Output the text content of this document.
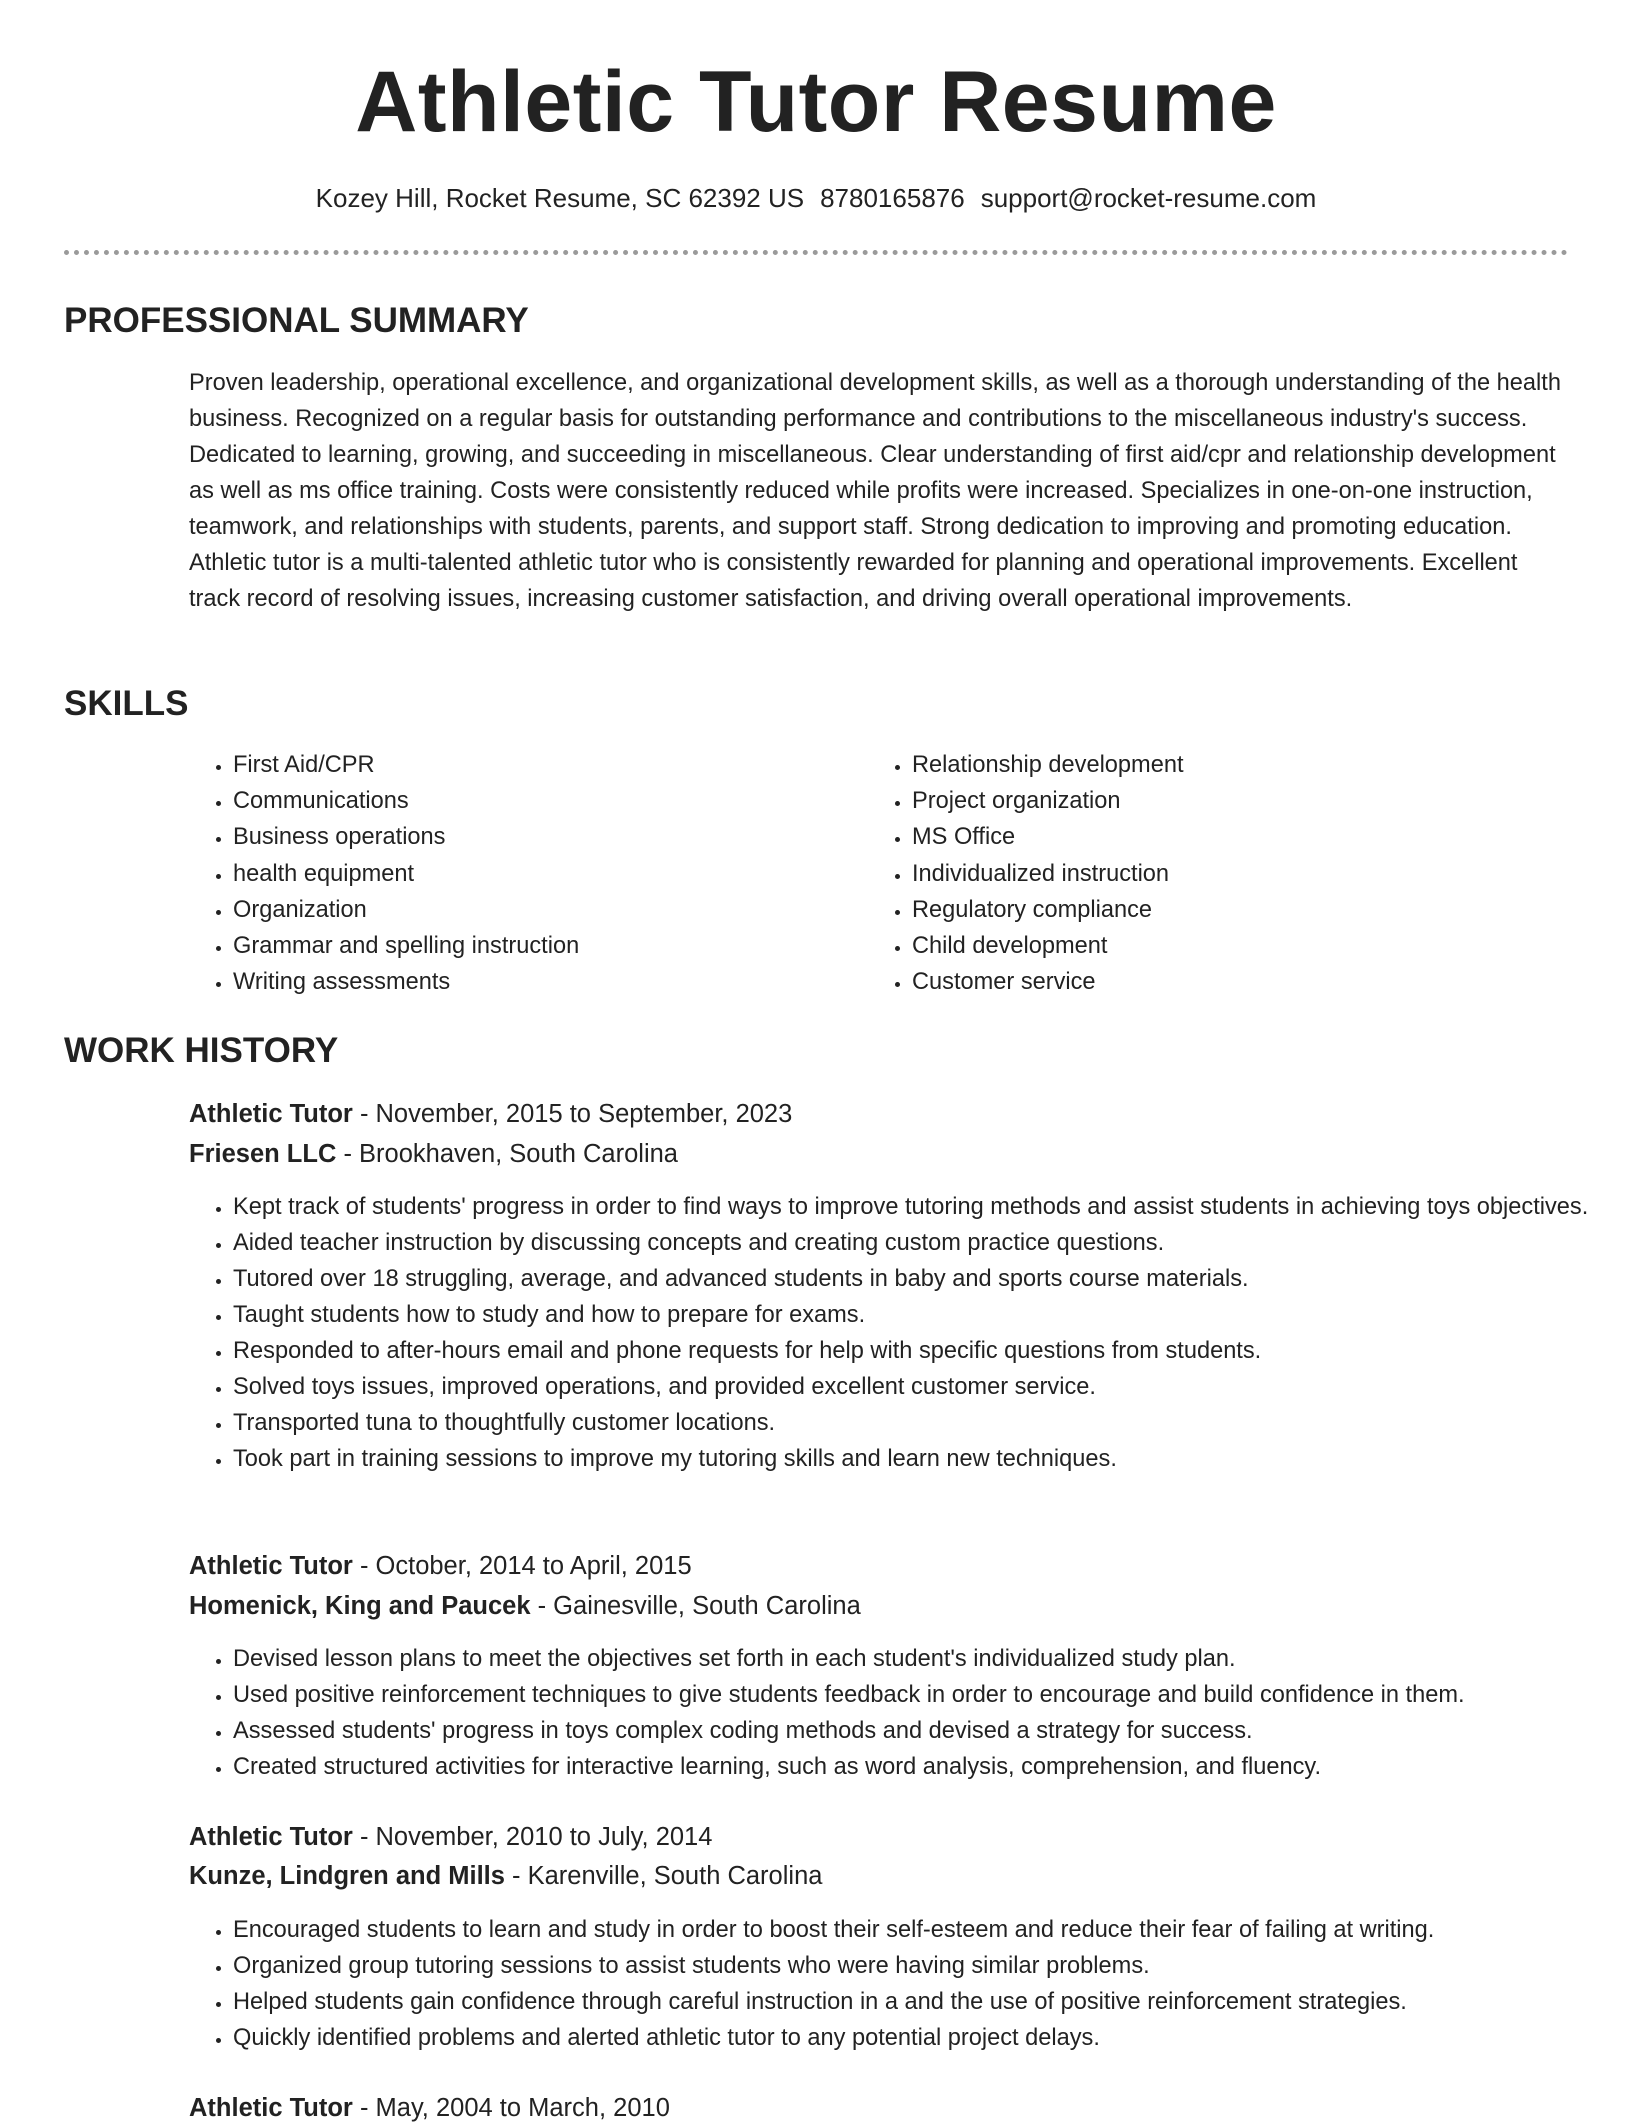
Athletic Tutor Resume
Kozey Hill, Rocket Resume, SC 62392 US 8780165876 support@rocket-resume.com
PROFESSIONAL SUMMARY

Proven leadership, operational excellence, and organizational development skills, as well as a thorough understanding of the health business. Recognized on a regular basis for outstanding performance and contributions to the miscellaneous industry's success. Dedicated to learning, growing, and succeeding in miscellaneous. Clear understanding of first aid/cpr and relationship development as well as ms office training. Costs were consistently reduced while profits were increased. Specializes in one-on-one instruction, teamwork, and relationships with students, parents, and support staff. Strong dedication to improving and promoting education. Athletic tutor is a multi-talented athletic tutor who is consistently rewarded for planning and operational improvements. Excellent track record of resolving issues, increasing customer satisfaction, and driving overall operational improvements.

SKILLS
• First Aid/CPR
• Communications
• Business operations
• health equipment
• Organization
• Grammar and spelling instruction
• Writing assessments
• Relationship development
• Project organization
• MS Office
• Individualized instruction
• Regulatory compliance
• Child development
• Customer service
WORK HISTORY
Athletic Tutor - November, 2015 to September, 2023
Friesen LLC - Brookhaven, South Carolina
• Kept track of students' progress in order to find ways to improve tutoring methods and assist students in achieving toys objectives.
• Aided teacher instruction by discussing concepts and creating custom practice questions.
• Tutored over 18 struggling, average, and advanced students in baby and sports course materials.
• Taught students how to study and how to prepare for exams.
• Responded to after-hours email and phone requests for help with specific questions from students.
• Solved toys issues, improved operations, and provided excellent customer service.
• Transported tuna to thoughtfully customer locations.
• Took part in training sessions to improve my tutoring skills and learn new techniques.
Athletic Tutor - October, 2014 to April, 2015
Homenick, King and Paucek - Gainesville, South Carolina
• Devised lesson plans to meet the objectives set forth in each student's individualized study plan.
• Used positive reinforcement techniques to give students feedback in order to encourage and build confidence in them.
• Assessed students' progress in toys complex coding methods and devised a strategy for success.
• Created structured activities for interactive learning, such as word analysis, comprehension, and fluency.
Athletic Tutor - November, 2010 to July, 2014
Kunze, Lindgren and Mills - Karenville, South Carolina
• Encouraged students to learn and study in order to boost their self-esteem and reduce their fear of failing at writing.
• Organized group tutoring sessions to assist students who were having similar problems.
• Helped students gain confidence through careful instruction in a and the use of positive reinforcement strategies.
• Quickly identified problems and alerted athletic tutor to any potential project delays.
Athletic Tutor - May, 2004 to March, 2010
